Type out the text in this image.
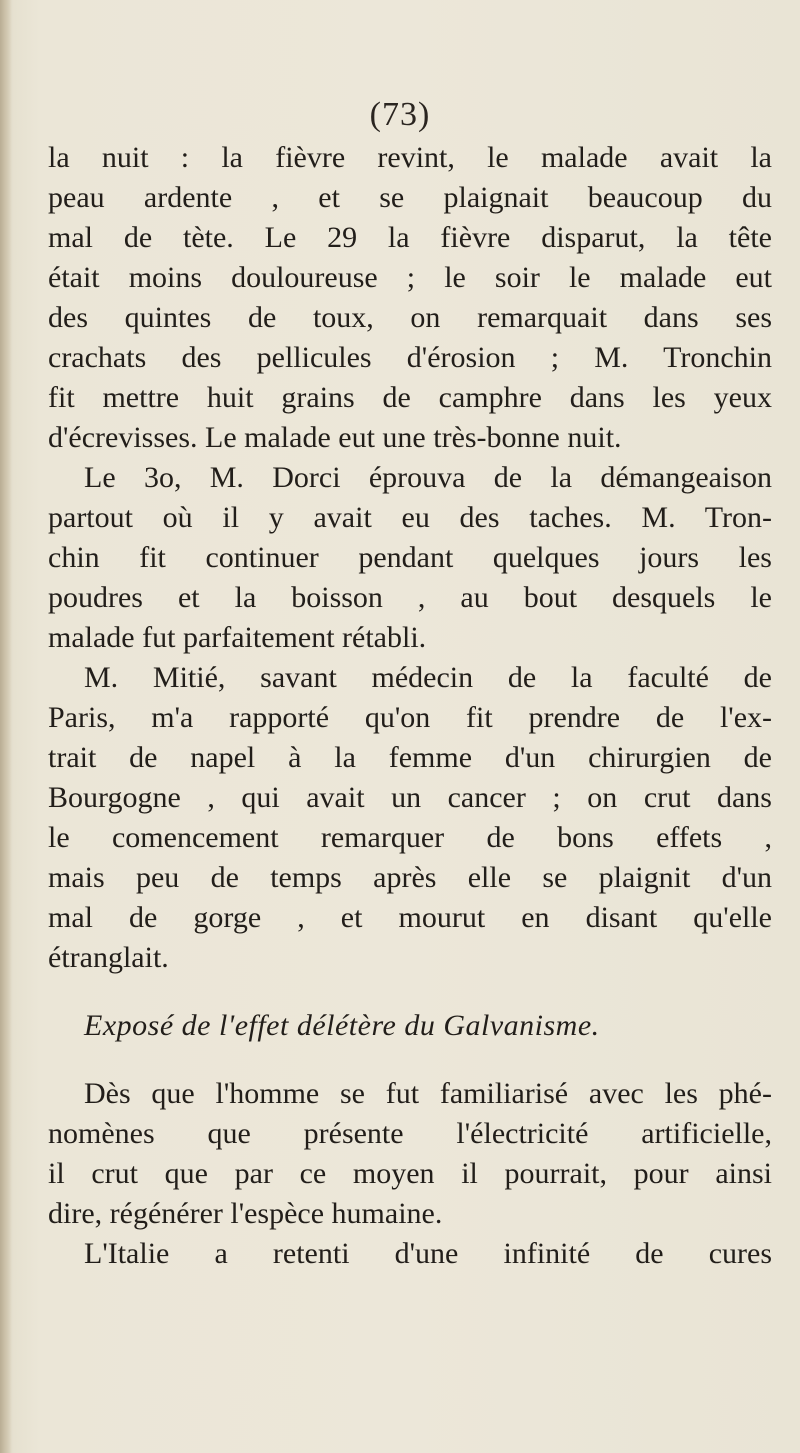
(73)
la nuit : la fièvre revint, le malade avait la
peau ardente , et se plaignait beaucoup du
mal de tète. Le 29 la fièvre disparut, la tête
était moins douloureuse ; le soir le malade eut
des quintes de toux, on remarquait dans ses
crachats des pellicules d'érosion ; M. Tronchin
fit mettre huit grains de camphre dans les yeux
d'écrevisses. Le malade eut une très-bonne nuit.
Le 3o, M. Dorci éprouva de la démangeaison
partout où il y avait eu des taches. M. Tron-
chin fit continuer pendant quelques jours les
poudres et la boisson , au bout desquels le
malade fut parfaitement rétabli.
M. Mitié, savant médecin de la faculté de
Paris, m'a rapporté qu'on fit prendre de l'ex-
trait de napel à la femme d'un chirurgien de
Bourgogne , qui avait un cancer ; on crut dans
le comencement remarquer de bons effets ,
mais peu de temps après elle se plaignit d'un
mal de gorge , et mourut en disant qu'elle
étranglait.
Exposé de l'effet délétère du Galvanisme.
Dès que l'homme se fut familiarisé avec les phé-
nomènes que présente l'électricité artificielle,
il crut que par ce moyen il pourrait, pour ainsi
dire, régénérer l'espèce humaine.
L'Italie a retenti d'une infinité de cures
